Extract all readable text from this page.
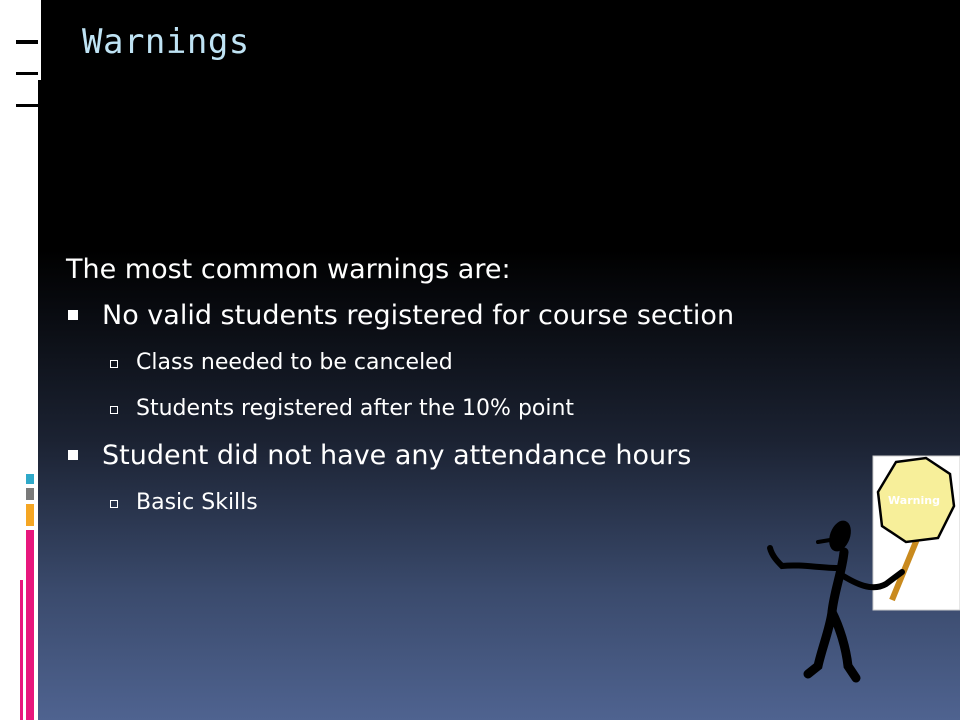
Warnings
The most common warnings are:
No valid students registered for course section
Class needed to be canceled
Students registered after the 10% point
Student did not have any attendance hours
Basic Skills	Warning
